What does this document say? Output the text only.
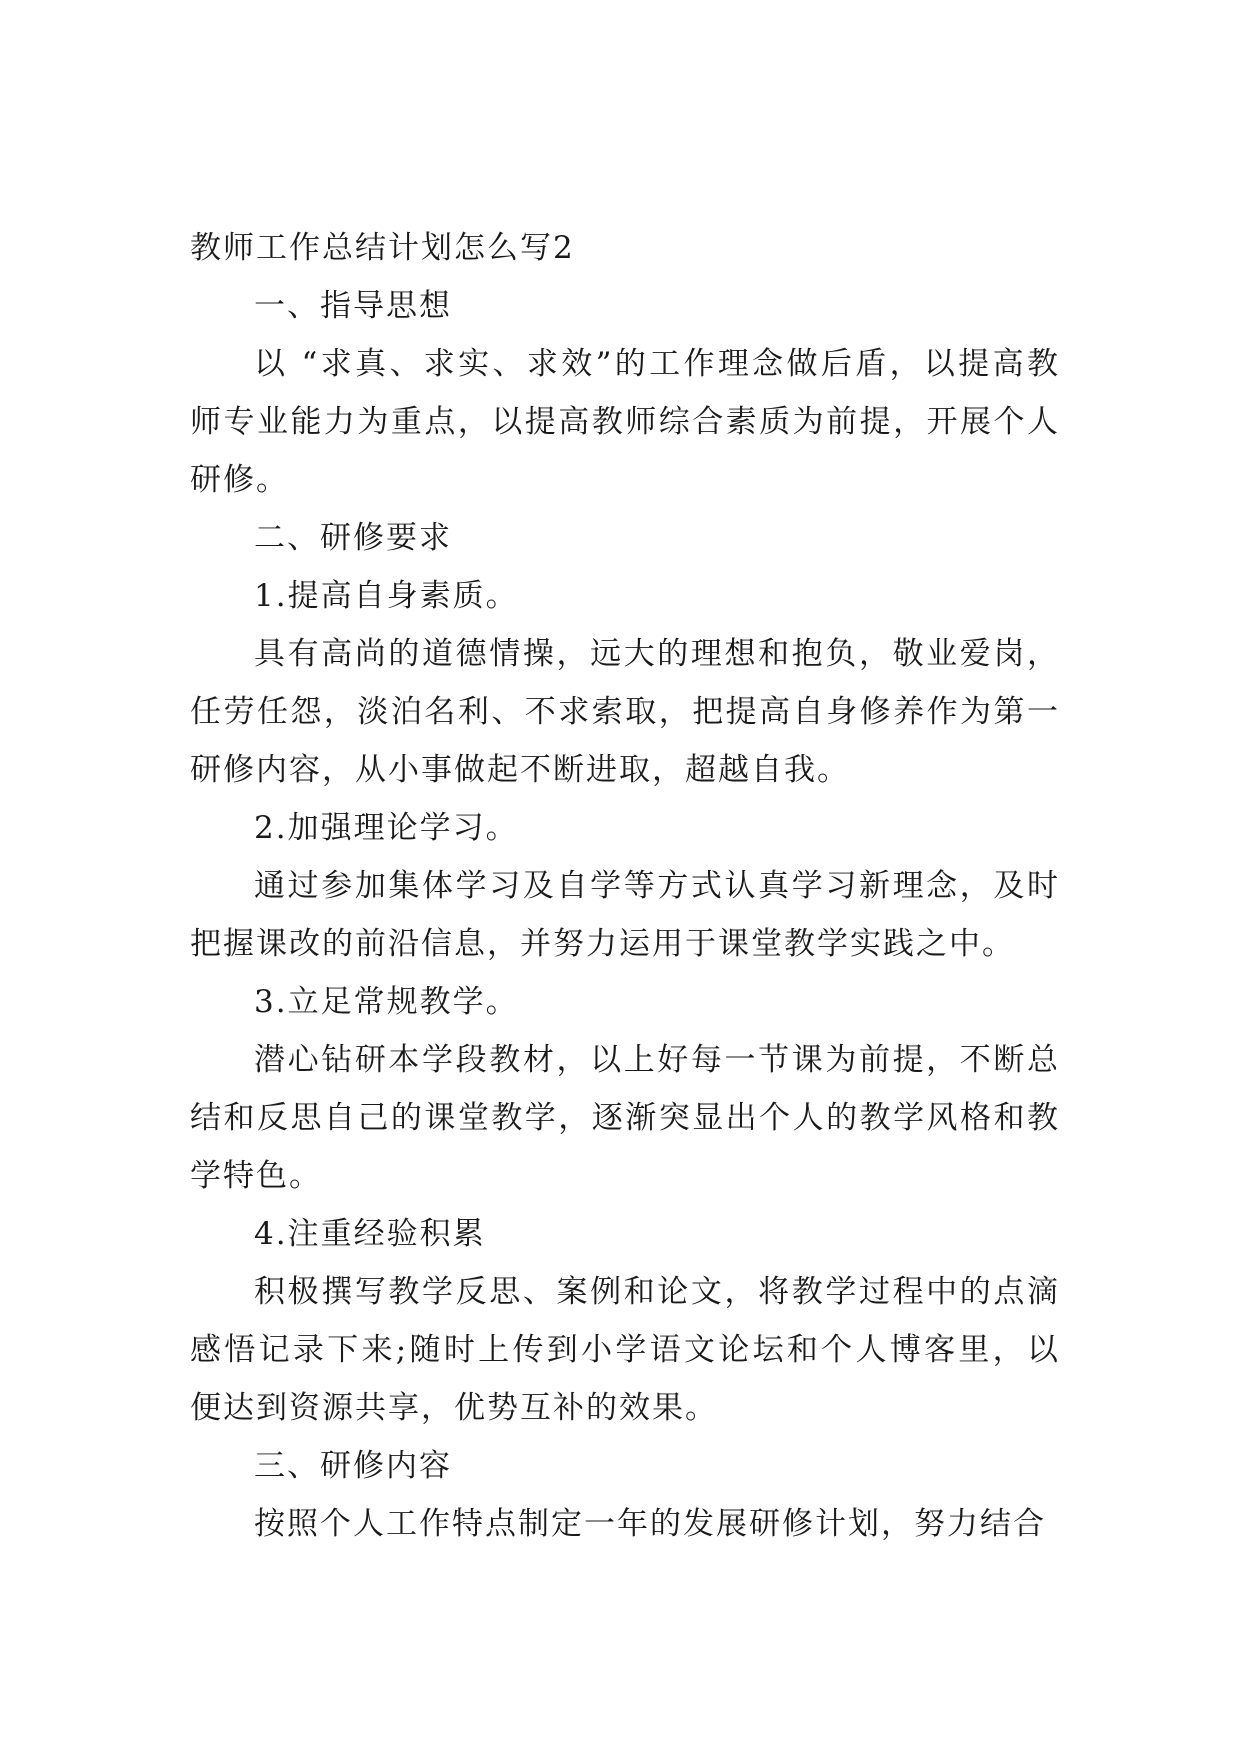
教师工作总结计划怎么写2

一、指导思想

以 “求真、求实、求效”的工作理念做后盾，以提高教师专业能力为重点，以提高教师综合素质为前提，开展个人研修。

二、研修要求

1.提高自身素质。

具有高尚的道德情操，远大的理想和抱负，敬业爱岗，任劳任怨，淡泊名利、不求索取，把提高自身修养作为第一研修内容，从小事做起不断进取，超越自我。

2.加强理论学习。

通过参加集体学习及自学等方式认真学习新理念，及时把握课改的前沿信息，并努力运用于课堂教学实践之中。

3.立足常规教学。

潜心钻研本学段教材，以上好每一节课为前提，不断总结和反思自己的课堂教学，逐渐突显出个人的教学风格和教学特色。

4.注重经验积累

积极撰写教学反思、案例和论文，将教学过程中的点滴感悟记录下来;随时上传到小学语文论坛和个人博客里，以便达到资源共享，优势互补的效果。

三、研修内容

按照个人工作特点制定一年的发展研修计划，努力结合
